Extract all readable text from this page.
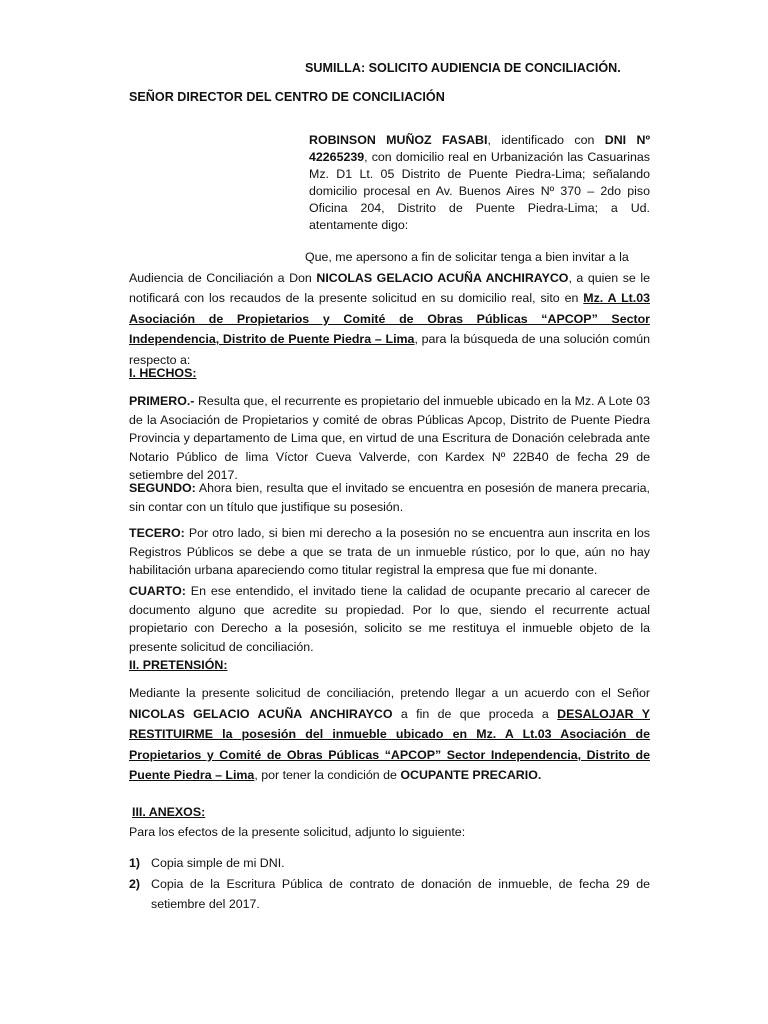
SUMILLA: SOLICITO AUDIENCIA DE CONCILIACIÓN.
SEÑOR DIRECTOR DEL CENTRO DE CONCILIACIÓN

ROBINSON MUÑOZ FASABI, identificado con DNI Nº 42265239, con domicilio real en Urbanización las Casuarinas Mz. D1 Lt. 05 Distrito de Puente Piedra-Lima; señalando domicilio procesal en Av. Buenos Aires Nº 370 – 2do piso Oficina 204, Distrito de Puente Piedra-Lima; a Ud. atentamente digo:

Que, me apersono a fin de solicitar tenga a bien invitar a la
Audiencia de Conciliación a Don NICOLAS GELACIO ACUÑA ANCHIRAYCO, a quien se le notificará con los recaudos de la presente solicitud en su domicilio real, sito en Mz. A Lt.03 Asociación de Propietarios y Comité de Obras Públicas “APCOP” Sector Independencia, Distrito de Puente Piedra – Lima, para la búsqueda de una solución común respecto a:

I. HECHOS:

PRIMERO.- Resulta que, el recurrente es propietario del inmueble ubicado en la Mz. A Lote 03 de la Asociación de Propietarios y comité de obras Públicas Apcop, Distrito de Puente Piedra Provincia y departamento de Lima que, en virtud de una Escritura de Donación celebrada ante Notario Público de lima Víctor Cueva Valverde, con Kardex Nº 22B40 de fecha 29 de setiembre del 2017.

SEGUNDO: Ahora bien, resulta que el invitado se encuentra en posesión de manera precaria, sin contar con un título que justifique su posesión.

TECERO: Por otro lado, si bien mi derecho a la posesión no se encuentra aun inscrita en los Registros Públicos se debe a que se trata de un inmueble rústico, por lo que, aún no hay habilitación urbana apareciendo como titular registral la empresa que fue mi donante.

CUARTO: En ese entendido, el invitado tiene la calidad de ocupante precario al carecer de documento alguno que acredite su propiedad. Por lo que, siendo el recurrente actual propietario con Derecho a la posesión, solicito se me restituya el inmueble objeto de la presente solicitud de conciliación.

II. PRETENSIÓN:

Mediante la presente solicitud de conciliación, pretendo llegar a un acuerdo con el Señor NICOLAS GELACIO ACUÑA ANCHIRAYCO a fin de que proceda a DESALOJAR Y RESTITUIRME la posesión del inmueble ubicado en Mz. A Lt.03 Asociación de Propietarios y Comité de Obras Públicas “APCOP” Sector Independencia, Distrito de Puente Piedra – Lima, por tener la condición de OCUPANTE PRECARIO.

III. ANEXOS:
Para los efectos de la presente solicitud, adjunto lo siguiente:
1) Copia simple de mi DNI.
2) Copia de la Escritura Pública de contrato de donación de inmueble, de fecha 29 de setiembre del 2017.
